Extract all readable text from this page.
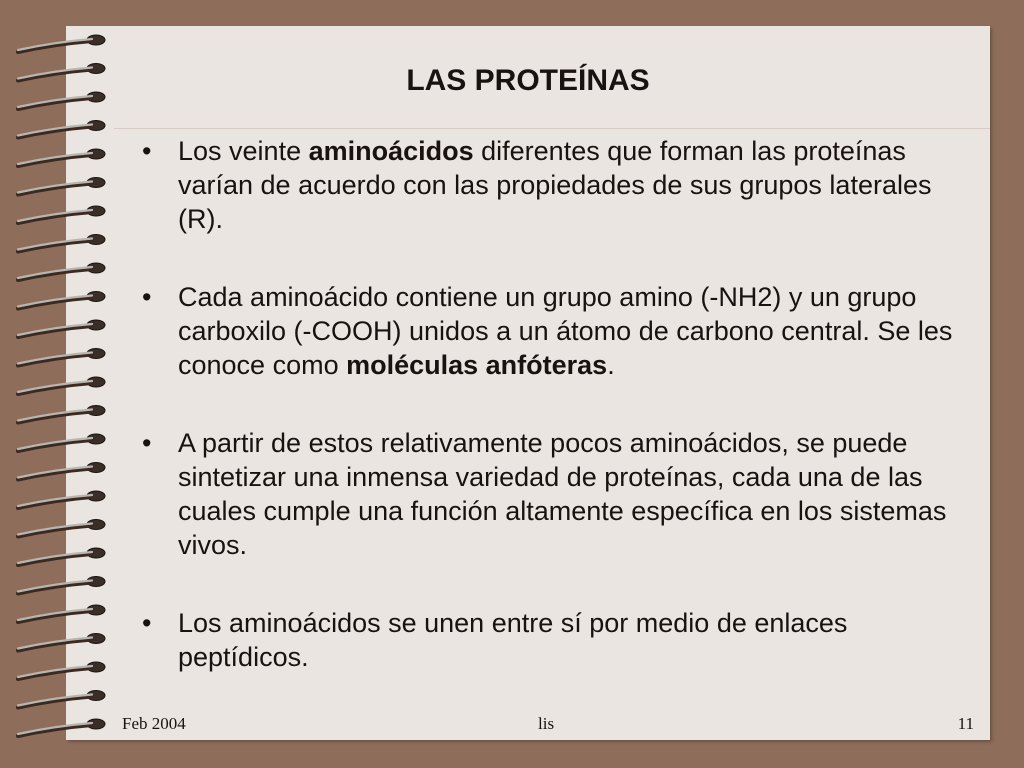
LAS PROTEÍNAS
• Los veinte aminoácidos diferentes que forman las proteínas varían de acuerdo con las propiedades de sus grupos laterales (R).
• Cada aminoácido contiene un grupo amino (-NH2) y un grupo carboxilo (-COOH) unidos a un átomo de carbono central. Se les conoce como moléculas anfóteras.
• A partir de estos relativamente pocos aminoácidos, se puede sintetizar una inmensa variedad de proteínas, cada una de las cuales cumple una función altamente específica en los sistemas vivos.
• Los aminoácidos se unen entre sí por medio de enlaces peptídicos.
Feb 2004	lis	11
